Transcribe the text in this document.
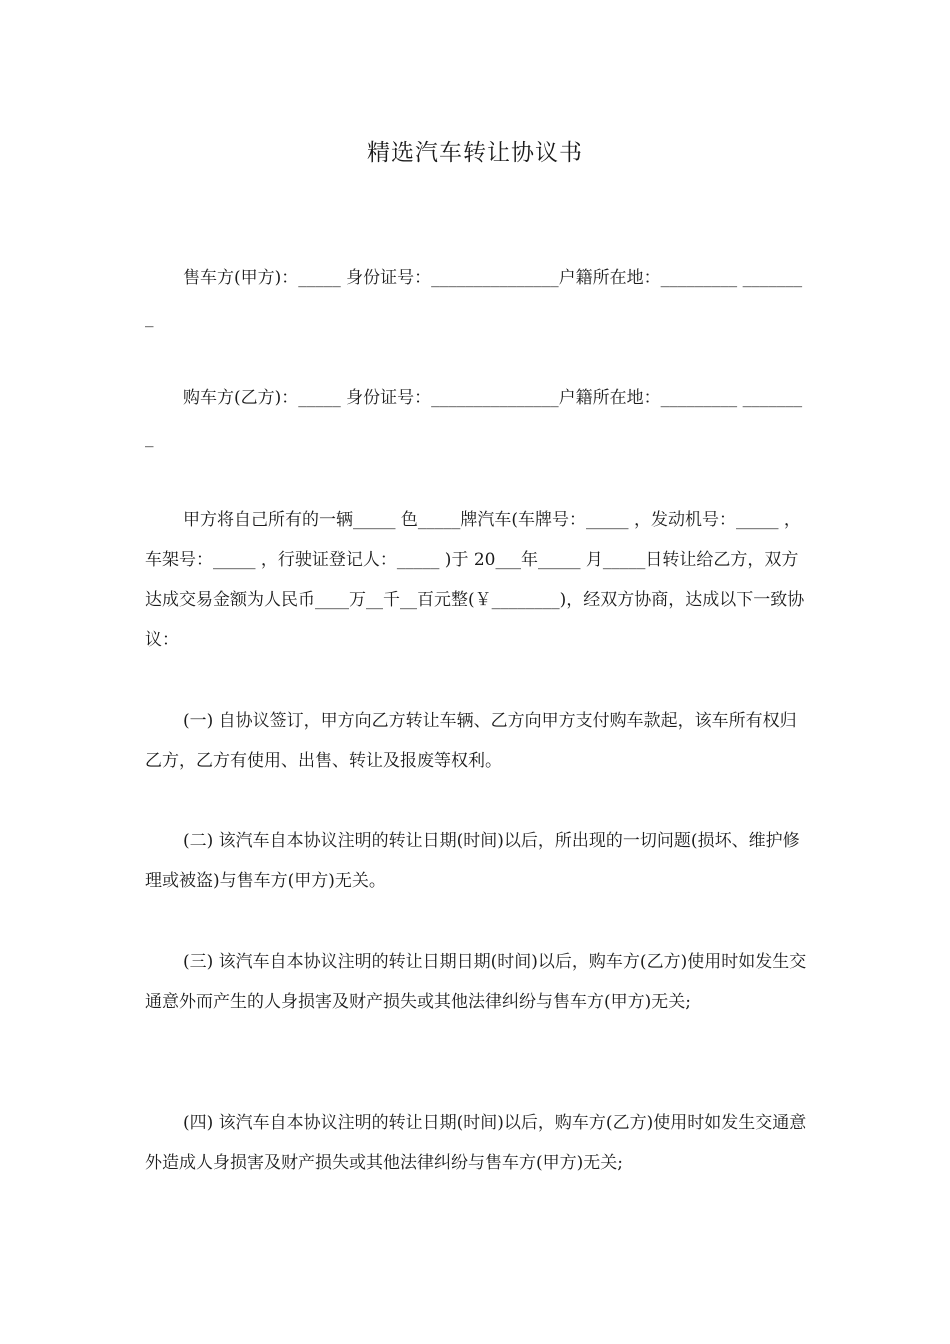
精选汽车转让协议书

售车方(甲方)：_____ 身份证号：_______________户籍所在地：_________ ________

购车方(乙方)：_____ 身份证号：_______________户籍所在地：_________ ________

甲方将自己所有的一辆_____ 色_____牌汽车(车牌号：_____ ，发动机号：_____ ，车架号：_____ ，行驶证登记人：_____ )于 20___年_____ 月_____日转让给乙方，双方达成交易金额为人民币____万__千__百元整(￥________)，经双方协商，达成以下一致协议：

(一) 自协议签订，甲方向乙方转让车辆、乙方向甲方支付购车款起，该车所有权归乙方，乙方有使用、出售、转让及报废等权利。

(二) 该汽车自本协议注明的转让日期(时间)以后，所出现的一切问题(损坏、维护修理或被盗)与售车方(甲方)无关。

(三) 该汽车自本协议注明的转让日期日期(时间)以后，购车方(乙方)使用时如发生交通意外而产生的人身损害及财产损失或其他法律纠纷与售车方(甲方)无关;

(四) 该汽车自本协议注明的转让日期(时间)以后，购车方(乙方)使用时如发生交通意外造成人身损害及财产损失或其他法律纠纷与售车方(甲方)无关;
